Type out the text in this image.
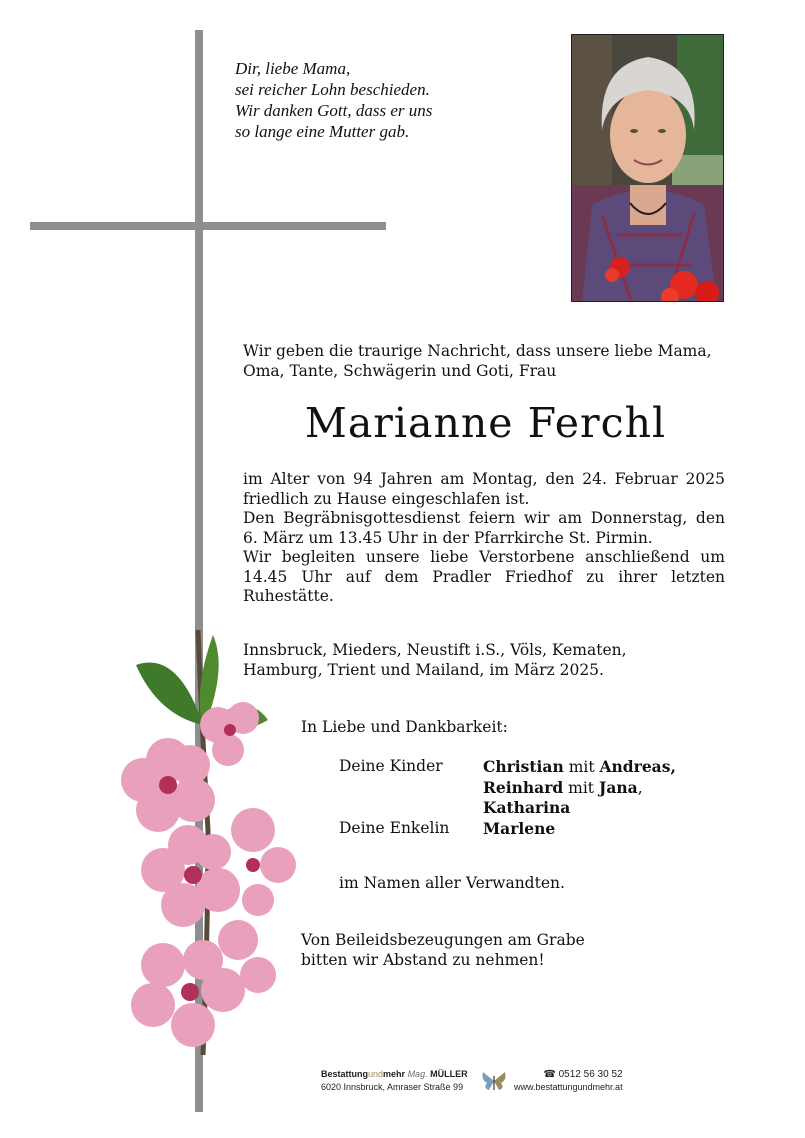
Dir, liebe Mama,
sei reicher Lohn beschieden.
Wir danken Gott, dass er uns
so lange eine Mutter gab.
Wir geben die traurige Nachricht, dass unsere liebe Mama, Oma, Tante, Schwägerin und Goti, Frau
Marianne Ferchl
im Alter von 94 Jahren am Montag, den 24. Februar 2025
friedlich zu Hause eingeschlafen ist.
Den Begräbnisgottesdienst feiern wir am Donnerstag, den
6. März um 13.45 Uhr in der Pfarrkirche St. Pirmin.
Wir begleiten unsere liebe Verstorbene anschließend um
14.45 Uhr auf dem Pradler Friedhof zu ihrer letzten
Ruhestätte.
Innsbruck, Mieders, Neustift i.S., Völs, Kematen,
Hamburg, Trient und Mailand, im März 2025.
In Liebe und Dankbarkeit:
Deine Kinder	Christian mit Andreas,
Reinhard mit Jana,
Katharina
Deine Enkelin	Marlene
im Namen aller Verwandten.
Von Beileidsbezeugungen am Grabe
bitten wir Abstand zu nehmen!
Bestattungundmehr Mag. MÜLLER
6020 Innsbruck, Amraser Straße 99
☎ 0512 56 30 52
www.bestattungundmehr.at
